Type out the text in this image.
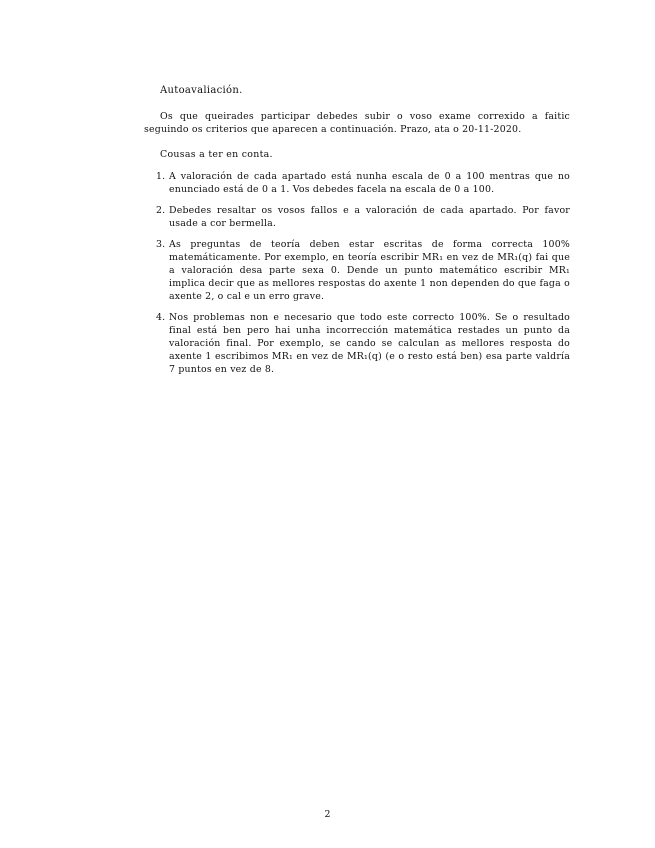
Autoavaliación.
Os que queirades participar debedes subir o voso exame correxido a faitic seguindo os criterios que aparecen a continuación. Prazo, ata o 20-11-2020.
Cousas a ter en conta.
1. A valoración de cada apartado está nunha escala de 0 a 100 mentras que no enunciado está de 0 a 1. Vos debedes facela na escala de 0 a 100.
2. Debedes resaltar os vosos fallos e a valoración de cada apartado. Por favor usade a cor bermella.
3. As preguntas de teoría deben estar escritas de forma correcta 100% matemáticamente. Por exemplo, en teoría escribir MR₁ en vez de MR₁(q) fai que a valoración desa parte sexa 0. Dende un punto matemático escribir MR₁ implica decir que as mellores respostas do axente 1 non dependen do que faga o axente 2, o cal e un erro grave.
4. Nos problemas non e necesario que todo este correcto 100%. Se o resultado final está ben pero hai unha incorrección matemática restades un punto da valoración final. Por exemplo, se cando se calculan as mellores resposta do axente 1 escribimos MR₁ en vez de MR₁(q) (e o resto está ben) esa parte valdría 7 puntos en vez de 8.
2
